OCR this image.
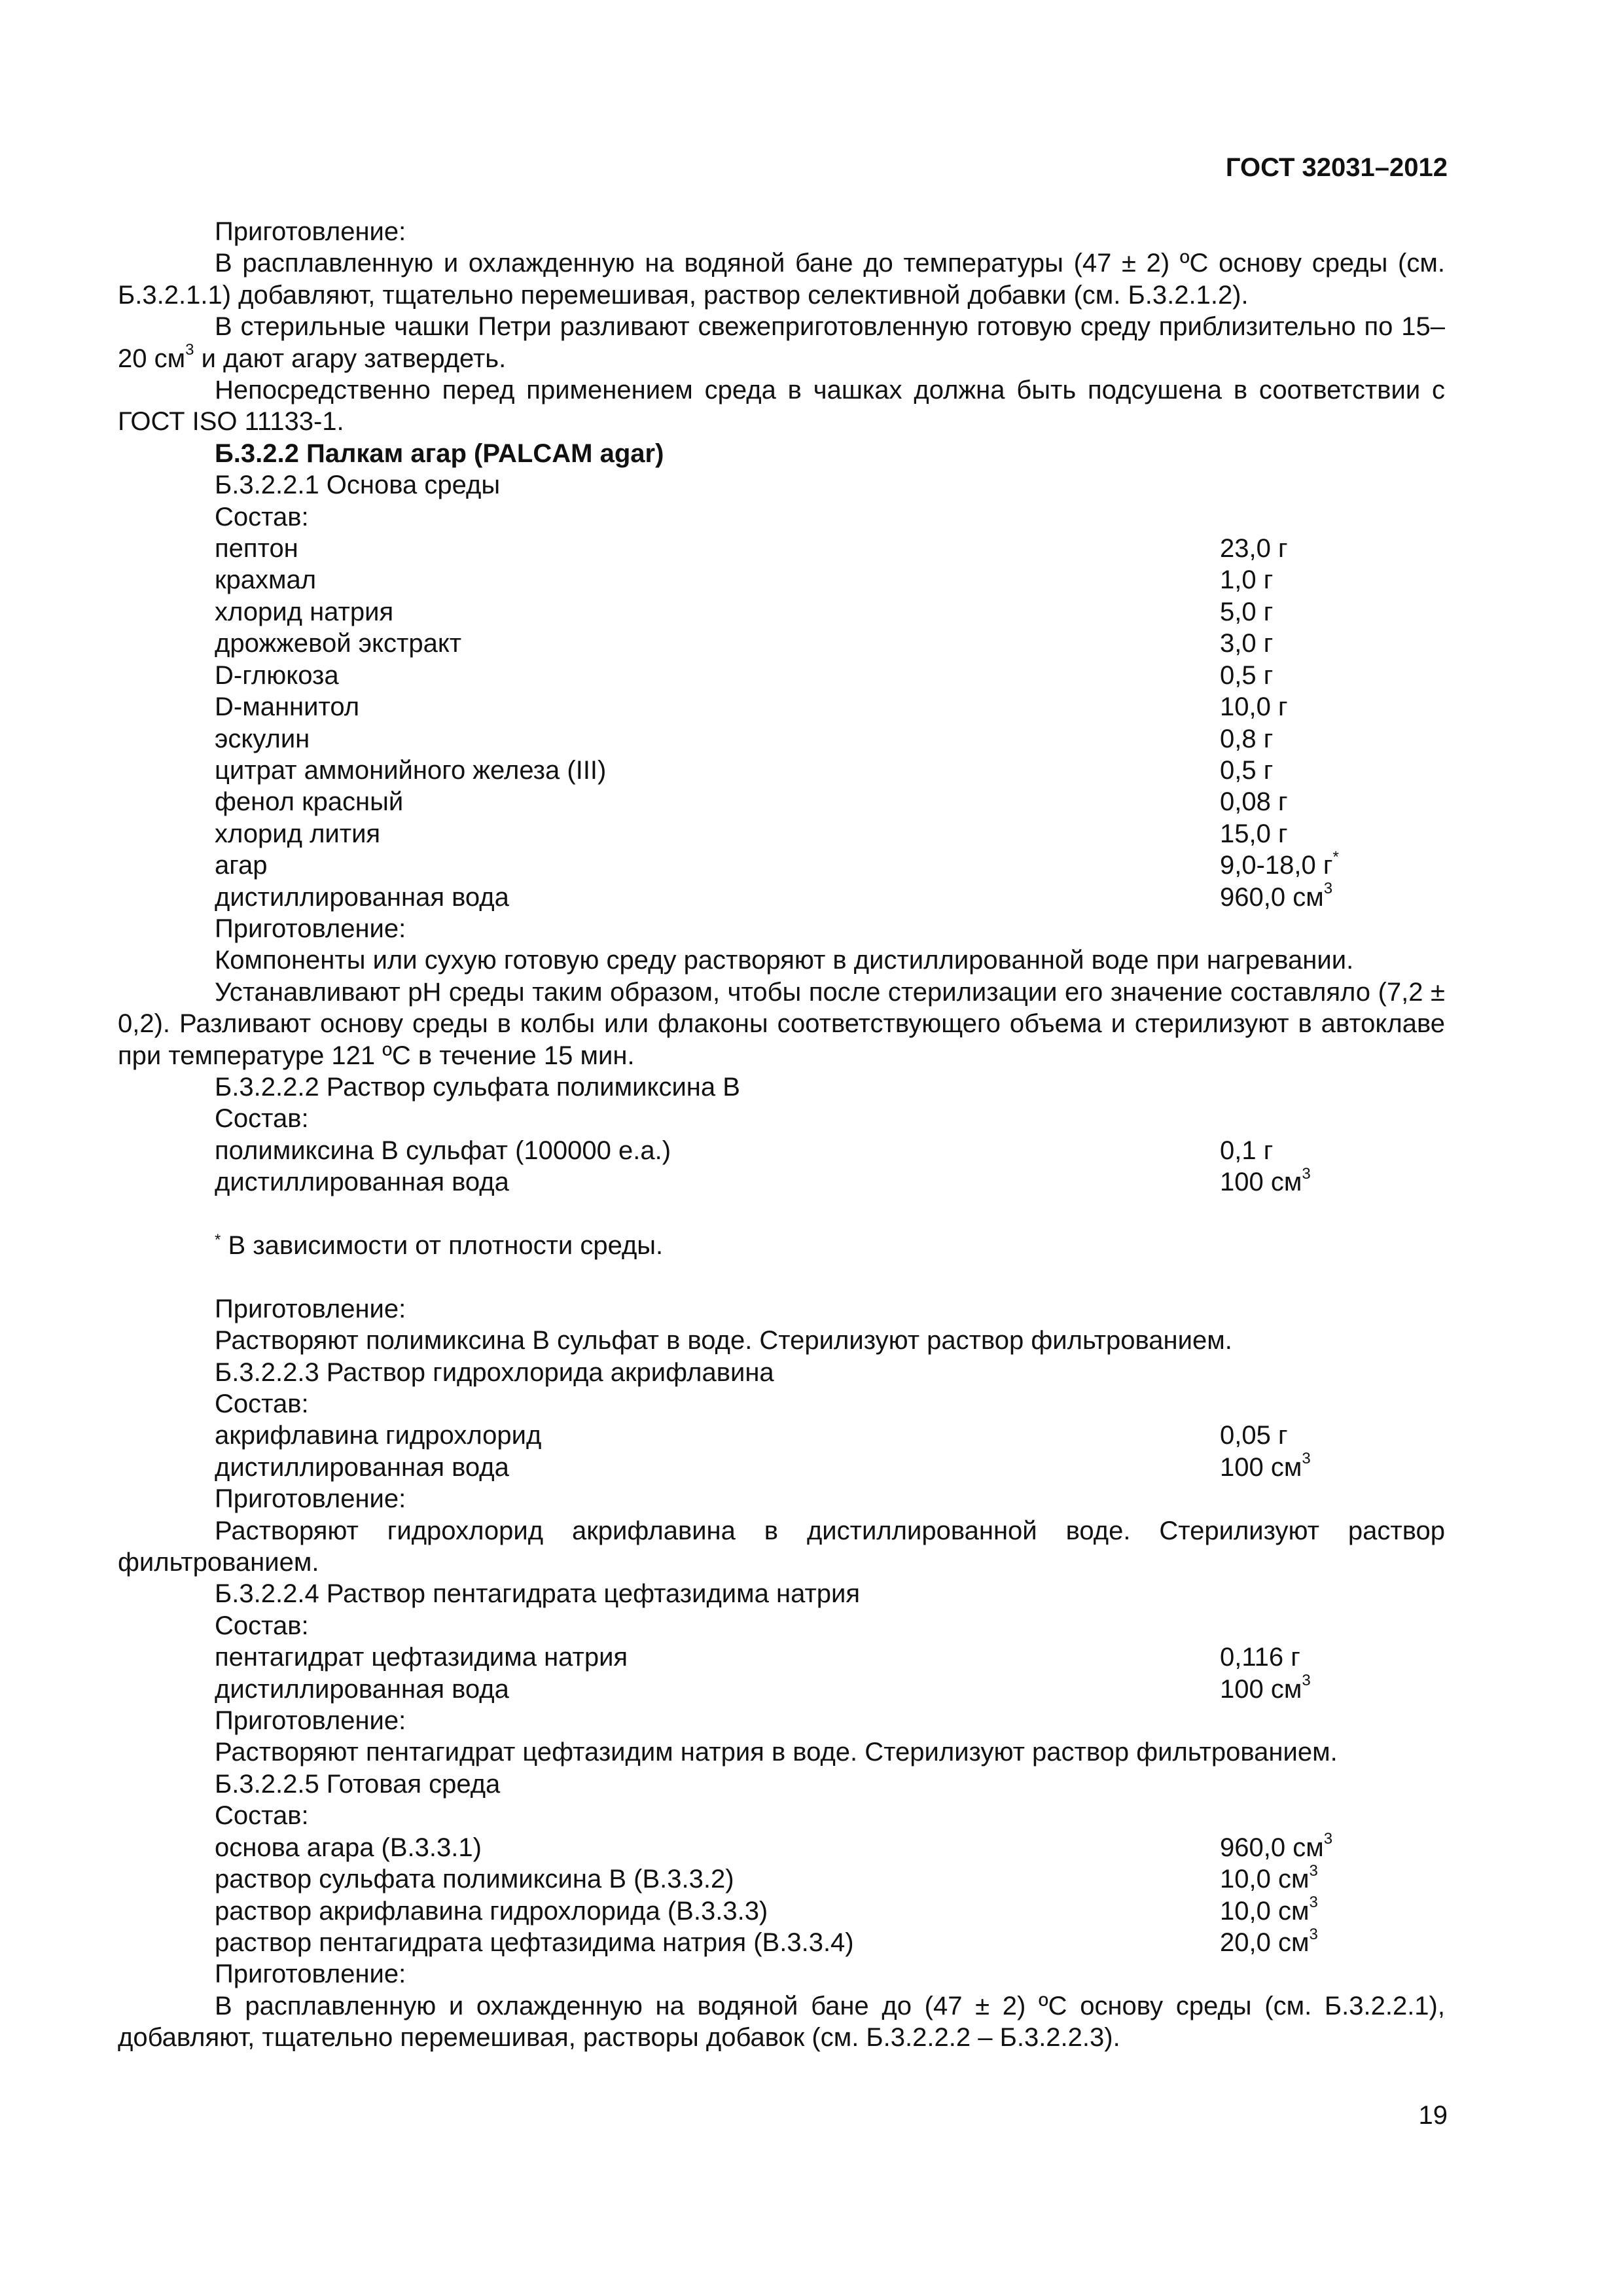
ГОСТ 32031–2012

Приготовление:

В расплавленную и охлажденную на водяной бане до температуры (47 ± 2) ºС основу среды (см. Б.3.2.1.1) добавляют, тщательно перемешивая, раствор селективной добавки (см. Б.3.2.1.2).

В стерильные чашки Петри разливают свежеприготовленную готовую среду приблизительно по 15–20 $см^3$ и дают агару затвердеть.

Непосредственно перед применением среда в чашках должна быть подсушена в соответствии с ГОСТ ISO 11133-1.

Б.3.2.2 Палкам агар (PALCAM agar)

Б.3.2.2.1 Основа среды

Состав:

пептон	23,0 г
крахмал	1,0 г
хлорид натрия	5,0 г
дрожжевой экстракт	3,0 г
D-глюкоза	0,5 г
D-маннитол	10,0 г
эскулин	0,8 г
цитрат аммонийного железа (III)	0,5 г
фенол красный	0,08 г
хлорид лития	15,0 г
агар	9,0-18,0 г*
дистиллированная вода	960,0 $см^3$

Приготовление:

Компоненты или сухую готовую среду растворяют в дистиллированной воде при нагревании.

Устанавливают рН среды таким образом, чтобы после стерилизации его значение составляло (7,2 ± 0,2). Разливают основу среды в колбы или флаконы соответствующего объема и стерилизуют в автоклаве при температуре 121 ºС в течение 15 мин.

Б.3.2.2.2 Раствор сульфата полимиксина В

Состав:

полимиксина В сульфат (100000 е.а.)	0,1 г
дистиллированная вода	100 $см^3$

* В зависимости от плотности среды.

Приготовление:

Растворяют полимиксина В сульфат в воде. Стерилизуют раствор фильтрованием.

Б.3.2.2.3 Раствор гидрохлорида акрифлавина

Состав:

акрифлавина гидрохлорид	0,05 г
дистиллированная вода	100 $см^3$

Приготовление:

Растворяют гидрохлорид акрифлавина в дистиллированной воде. Стерилизуют раствор фильтрованием.

Б.3.2.2.4 Раствор пентагидрата цефтазидима натрия

Состав:

пентагидрат цефтазидима натрия	0,116 г
дистиллированная вода	100 $см^3$

Приготовление:

Растворяют пентагидрат цефтазидим натрия в воде. Стерилизуют раствор фильтрованием.

Б.3.2.2.5 Готовая среда

Состав:

основа агара (В.3.3.1)	960,0 $см^3$
раствор сульфата полимиксина В (В.3.3.2)	10,0 $см^3$
раствор акрифлавина гидрохлорида (В.3.3.3)	10,0 $см^3$
раствор пентагидрата цефтазидима натрия (В.3.3.4)	20,0 $см^3$

Приготовление:

В расплавленную и охлажденную на водяной бане до (47 ± 2) ºС основу среды (см. Б.3.2.2.1), добавляют, тщательно перемешивая, растворы добавок (см. Б.3.2.2.2 – Б.3.2.2.3).

19
